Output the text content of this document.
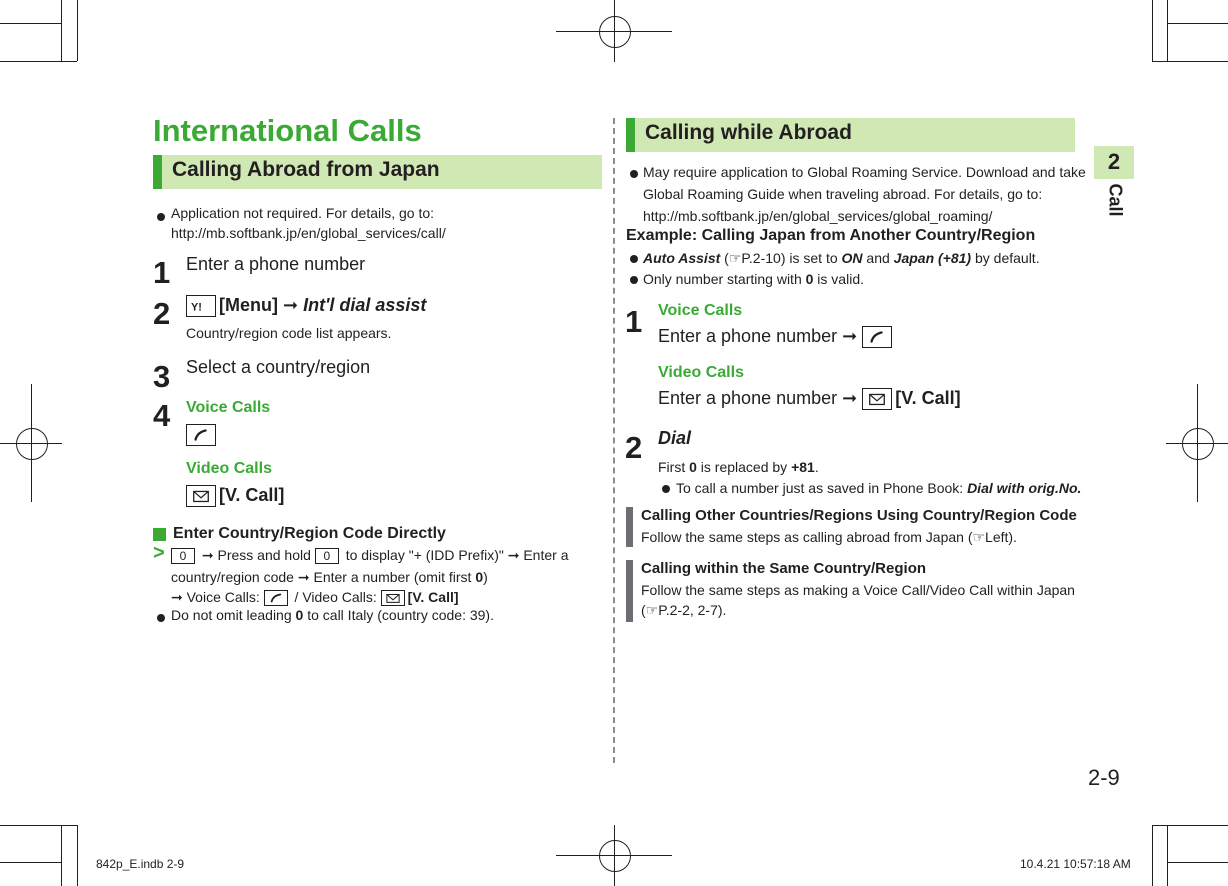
International Calls
Calling Abroad from Japan
Application not required. For details, go to:
http://mb.softbank.jp/en/global_services/call/
1 Enter a phone number
2 Y! [Menu] ➞ Int'l dial assist
Country/region code list appears.
3 Select a country/region
4 Voice Calls
Video Calls
[V. Call]
Enter Country/Region Code Directly
>	0	➞ Press and hold	0	to display "+ (IDD Prefix)" ➞ Enter a
country/region code ➞ Enter a number (omit first 0)
➞ Voice Calls: / Video Calls: [V. Call]
Do not omit leading 0 to call Italy (country code: 39).
Calling while Abroad
May require application to Global Roaming Service. Download and take
Global Roaming Guide when traveling abroad. For details, go to:
http://mb.softbank.jp/en/global_services/global_roaming/
Example: Calling Japan from Another Country/Region
Auto Assist (☞P.2-10) is set to ON and Japan (+81) by default.
Only number starting with 0 is valid.
1 Voice Calls
Enter a phone number ➞
Video Calls
Enter a phone number ➞ [V. Call]
2 Dial
First 0 is replaced by +81.
To call a number just as saved in Phone Book: Dial with orig.No.
Calling Other Countries/Regions Using Country/Region Code
Follow the same steps as calling abroad from Japan (☞Left).
Calling within the Same Country/Region
Follow the same steps as making a Voice Call/Video Call within Japan
(☞P.2-2, 2-7).
2
Call
2-9
842p_E.indb 2-9	10.4.21 10:57:18 AM
